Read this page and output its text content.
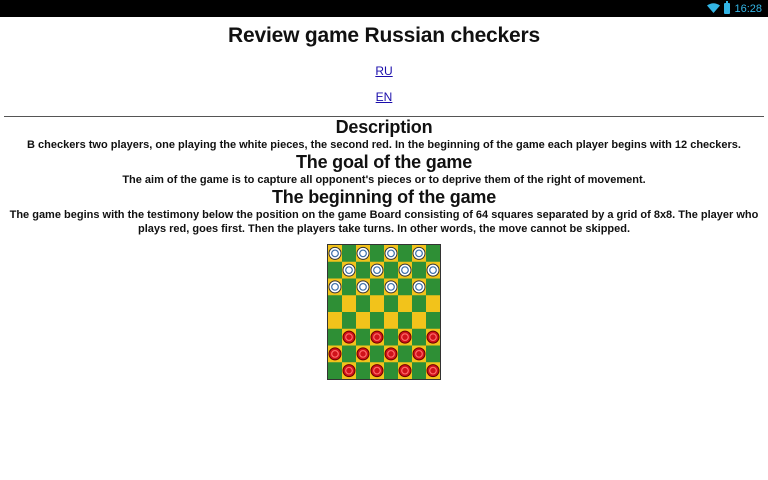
16:28
Review game Russian checkers
RU
EN
Description

B checkers two players, one playing the white pieces, the second red. In the beginning of the game each player begins with 12 checkers.

The goal of the game

The aim of the game is to capture all opponent's pieces or to deprive them of the right of movement.

The beginning of the game

The game begins with the testimony below the position on the game Board consisting of 64 squares separated by a grid of 8x8. The player who plays red, goes first. Then the players take turns. In other words, the move cannot be skipped.
